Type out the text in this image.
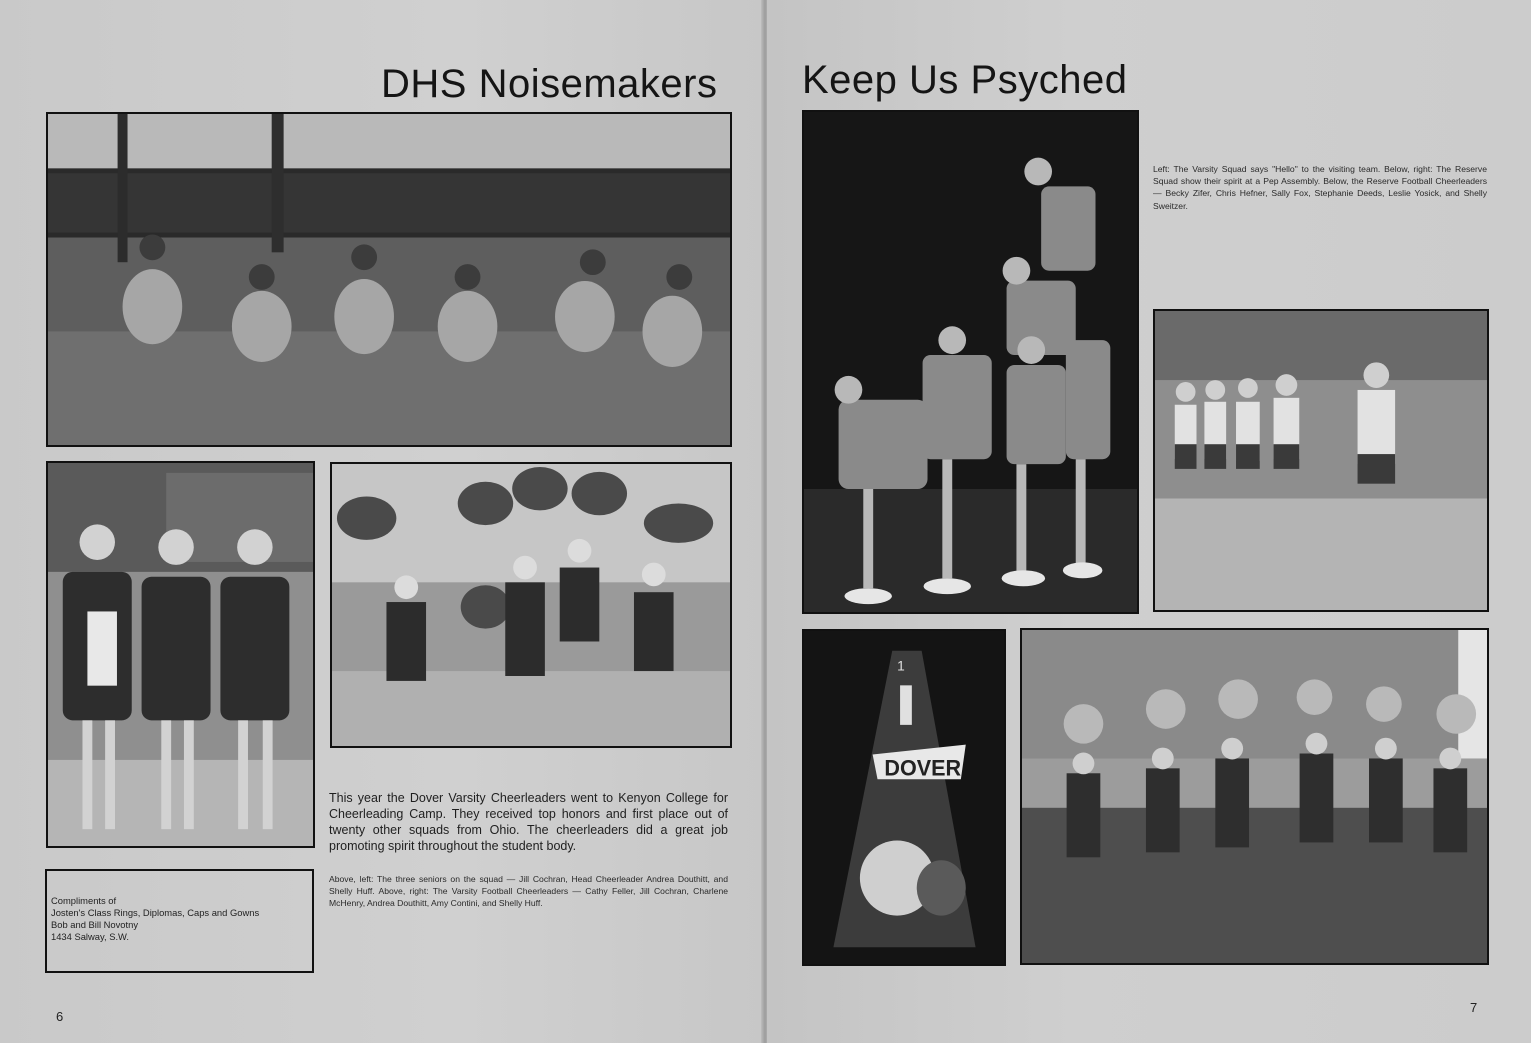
DHS Noisemakers

This year the Dover Varsity Cheerleaders went to Kenyon College for Cheerleading Camp. They received top honors and first place out of twenty other squads from Ohio. The cheerleaders did a great job promoting spirit throughout the student body.

Above, left: The three seniors on the squad — Jill Cochran, Head Cheerleader Andrea Douthitt, and Shelly Huff. Above, right: The Varsity Football Cheerleaders — Cathy Feller, Jill Cochran, Charlene McHenry, Andrea Douthitt, Amy Contini, and Shelly Huff.

Compliments of
Josten's Class Rings, Diplomas, Caps and Gowns
Bob and Bill Novotny
1434 Salway, S.W.
6
Keep Us Psyched

Left: The Varsity Squad says "Hello" to the visiting team. Below, right: The Reserve Squad show their spirit at a Pep Assembly. Below, the Reserve Football Cheerleaders — Becky Zifer, Chris Hefner, Sally Fox, Stephanie Deeds, Leslie Yosick, and Shelly Sweitzer.

1
DOVER
7
